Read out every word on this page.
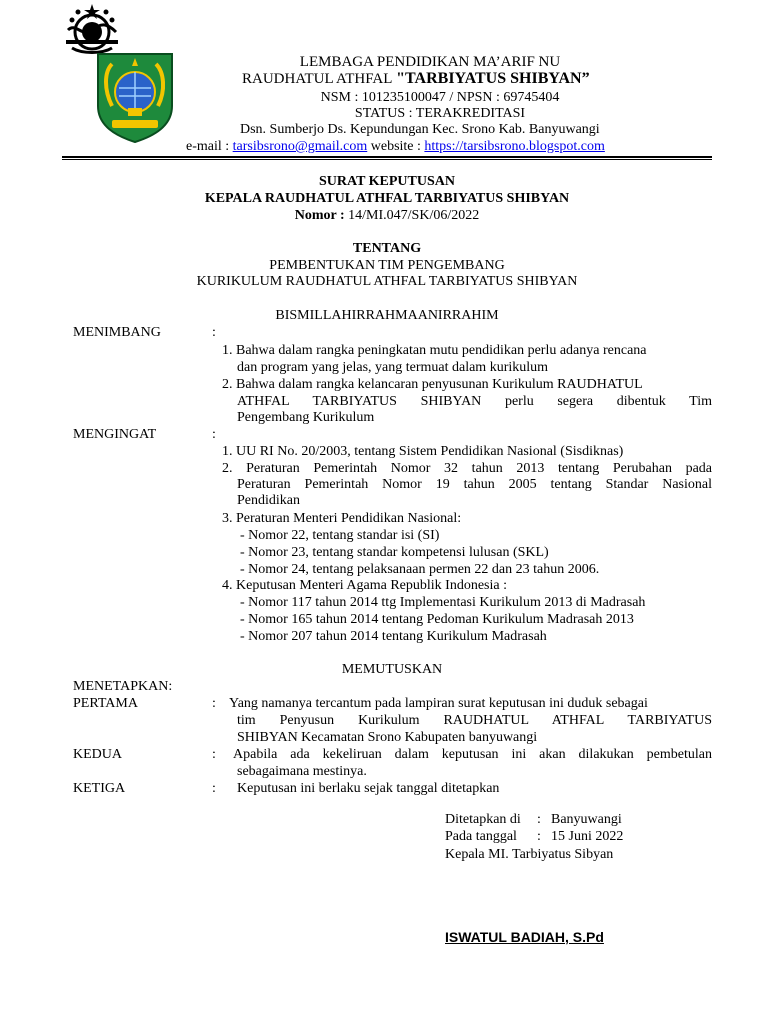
LEMBAGA PENDIDIKAN MA’ARIF NU
RAUDHATUL ATHFAL "TARBIYATUS SHIBYAN”
NSM : 101235100047 / NPSN : 69745404
STATUS : TERAKREDITASI
Dsn. Sumberjo Ds. Kepundungan Kec. Srono Kab. Banyuwangi
e-mail : tarsibsrono@gmail.com website : https://tarsibsrono.blogspot.com
SURAT KEPUTUSAN
KEPALA RAUDHATUL ATHFAL TARBIYATUS SHIBYAN
Nomor : 14/MI.047/SK/06/2022
TENTANG
PEMBENTUKAN TIM PENGEMBANG
KURIKULUM RAUDHATUL ATHFAL TARBIYATUS SHIBYAN
BISMILLAHIRRAHMAANIRRAHIM
MENIMBANG	:
1. Bahwa dalam rangka peningkatan mutu pendidikan perlu adanya rencana
dan program yang jelas, yang termuat dalam kurikulum
2. Bahwa dalam rangka kelancaran penyusunan Kurikulum RAUDHATUL
ATHFAL TARBIYATUS SHIBYAN perlu segera dibentuk Tim
Pengembang Kurikulum
MENGINGAT	:
1. UU RI No. 20/2003, tentang Sistem Pendidikan Nasional (Sisdiknas)
2. Peraturan Pemerintah Nomor 32 tahun 2013 tentang Perubahan pada
Peraturan Pemerintah Nomor 19 tahun 2005 tentang Standar Nasional
Pendidikan
3. Peraturan Menteri Pendidikan Nasional:
- Nomor 22, tentang standar isi (SI)
- Nomor 23, tentang standar kompetensi lulusan (SKL)
- Nomor 24, tentang pelaksanaan permen 22 dan 23 tahun 2006.
4. Keputusan Menteri Agama Republik Indonesia :
- Nomor 117 tahun 2014 ttg Implementasi Kurikulum 2013 di Madrasah
- Nomor 165 tahun 2014 tentang Pedoman Kurikulum Madrasah 2013
- Nomor 207 tahun 2014 tentang Kurikulum Madrasah
MEMUTUSKAN
MENETAPKAN:
PERTAMA	: Yang namanya tercantum pada lampiran surat keputusan ini duduk sebagai
tim Penyusun Kurikulum RAUDHATUL ATHFAL TARBIYATUS
SHIBYAN Kecamatan Srono Kabupaten banyuwangi
KEDUA	: Apabila ada kekeliruan dalam keputusan ini akan dilakukan pembetulan
sebagaimana mestinya.
KETIGA	: Keputusan ini berlaku sejak tanggal ditetapkan
Ditetapkan di : Banyuwangi
Pada tanggal : 15 Juni 2022
Kepala MI. Tarbiyatus Sibyan
ISWATUL BADIAH, S.Pd
